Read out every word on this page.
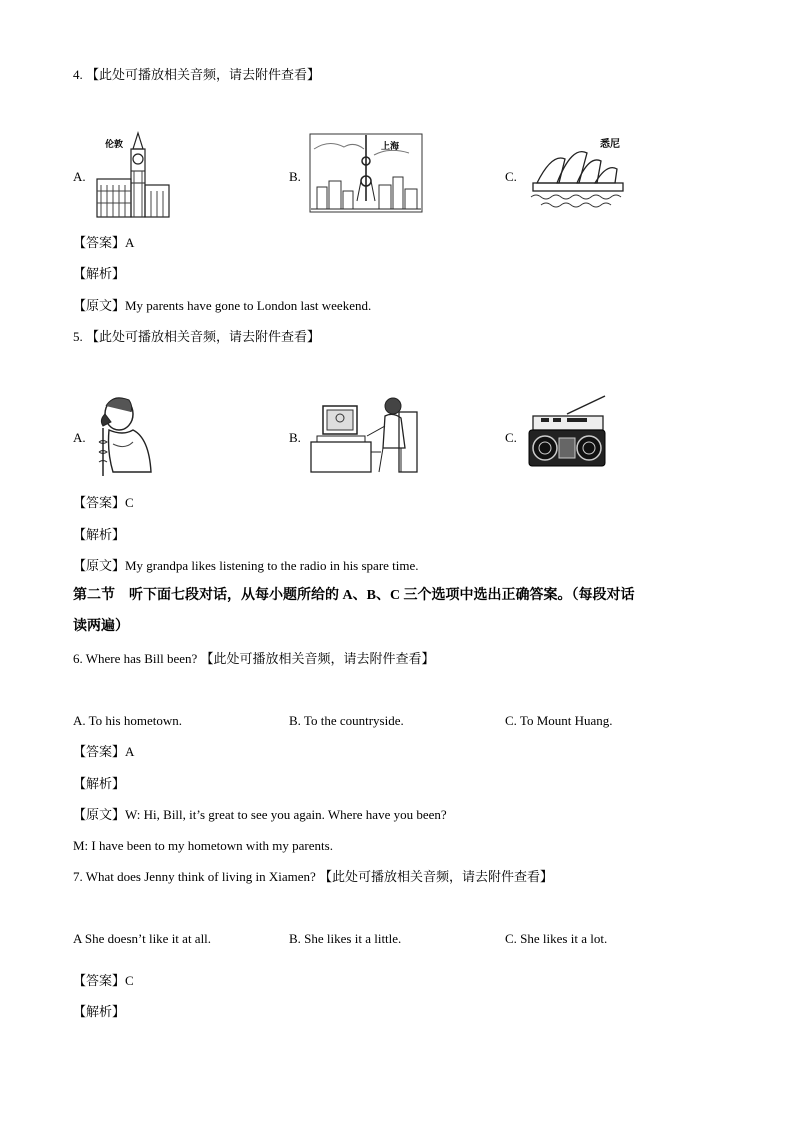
4. 【此处可播放相关音频，请去附件查看】
A.
伦敦
B.
上海
C.
悉尼
【答案】A
【解析】
【原文】My parents have gone to London last weekend.
5. 【此处可播放相关音频，请去附件查看】
A.	B.	C.
【答案】C
【解析】
【原文】My grandpa likes listening to the radio in his spare time.
第二节　听下面七段对话，从每小题所给的 A、B、C 三个选项中选出正确答案。（每段对话
读两遍）
6. Where has Bill been? 【此处可播放相关音频，请去附件查看】
A. To his hometown.	B. To the countryside.	C. To Mount Huang.
【答案】A
【解析】
【原文】W: Hi, Bill, it’s great to see you again. Where have you been?
M: I have been to my hometown with my parents.
7. What does Jenny think of living in Xiamen? 【此处可播放相关音频，请去附件查看】
A She doesn’t like it at all.	B. She likes it a little.	C. She likes it a lot.
【答案】C
【解析】
